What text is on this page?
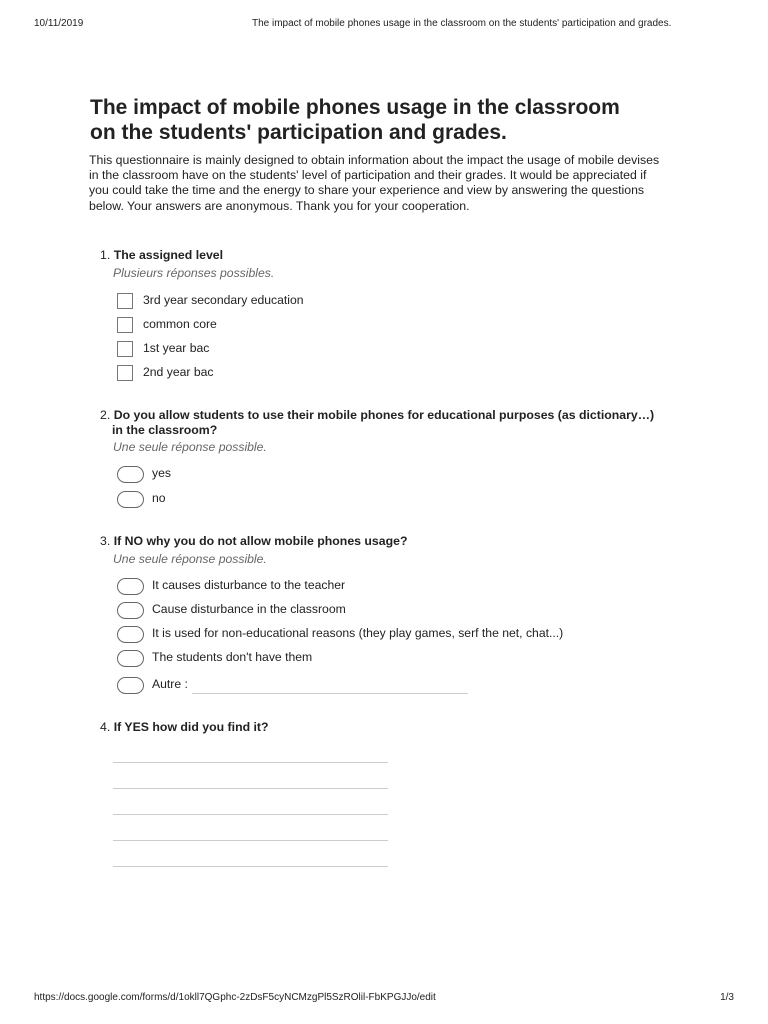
10/11/2019	The impact of mobile phones usage in the classroom on the students' participation and grades.
The impact of mobile phones usage in the classroom
on the students' participation and grades.

This questionnaire is mainly designed to obtain information about the impact the usage of mobile devises in the classroom have on the students' level of participation and their grades. It would be appreciated if you could take the time and the energy to share your experience and view by answering the questions below. Your answers are anonymous. Thank you for your cooperation.

1. The assigned level
Plusieurs réponses possibles.
3rd year secondary education
common core
1st year bac
2nd year bac
2. Do you allow students to use their mobile phones for educational purposes (as dictionary…)
in the classroom?
Une seule réponse possible.
yes
no
3. If NO why you do not allow mobile phones usage?
Une seule réponse possible.
It causes disturbance to the teacher
Cause disturbance in the classroom
It is used for non-educational reasons (they play games, serf the net, chat...)
The students don't have them
Autre :
4. If YES how did you find it?
https://docs.google.com/forms/d/1okll7QGphc-2zDsF5cyNCMzgPl5SzROlil-FbKPGJJo/edit	1/3
